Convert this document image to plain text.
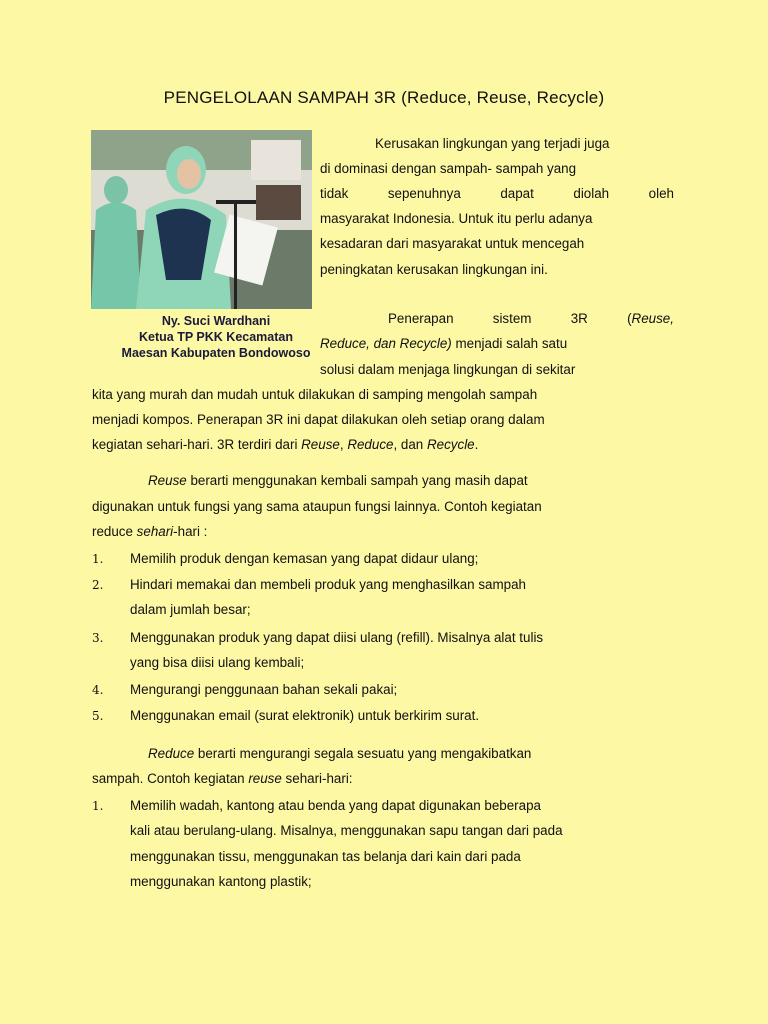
PENGELOLAAN SAMPAH 3R (Reduce, Reuse, Recycle)
Ny. Suci Wardhani
Ketua TP PKK Kecamatan
Maesan Kabupaten Bondowoso
Kerusakan lingkungan yang terjadi juga
di dominasi dengan sampah- sampah yang
tidak	sepenuhnya	dapat	diolah	oleh
masyarakat Indonesia. Untuk itu perlu adanya
kesadaran dari masyarakat untuk mencegah
peningkatan kerusakan lingkungan ini.
Penerapan	sistem	3R	(Reuse,
Reduce, dan Recycle) menjadi salah satu
solusi dalam menjaga lingkungan di sekitar
kita yang murah dan mudah untuk dilakukan di samping mengolah sampah
menjadi kompos. Penerapan 3R ini dapat dilakukan oleh setiap orang dalam
kegiatan sehari-hari. 3R terdiri dari Reuse, Reduce, dan Recycle.
Reuse berarti menggunakan kembali sampah yang masih dapat
digunakan untuk fungsi yang sama ataupun fungsi lainnya. Contoh kegiatan
reduce sehari-hari :
1. Memilih produk dengan kemasan yang dapat didaur ulang;
2. Hindari memakai dan membeli produk yang menghasilkan sampah
dalam jumlah besar;
3. Menggunakan produk yang dapat diisi ulang (refill). Misalnya alat tulis
yang bisa diisi ulang kembali;
4. Mengurangi penggunaan bahan sekali pakai;
5. Menggunakan email (surat elektronik) untuk berkirim surat.
Reduce berarti mengurangi segala sesuatu yang mengakibatkan
sampah. Contoh kegiatan reuse sehari-hari:
1. Memilih wadah, kantong atau benda yang dapat digunakan beberapa
kali atau berulang-ulang. Misalnya, menggunakan sapu tangan dari pada
menggunakan tissu, menggunakan tas belanja dari kain dari pada
menggunakan kantong plastik;
